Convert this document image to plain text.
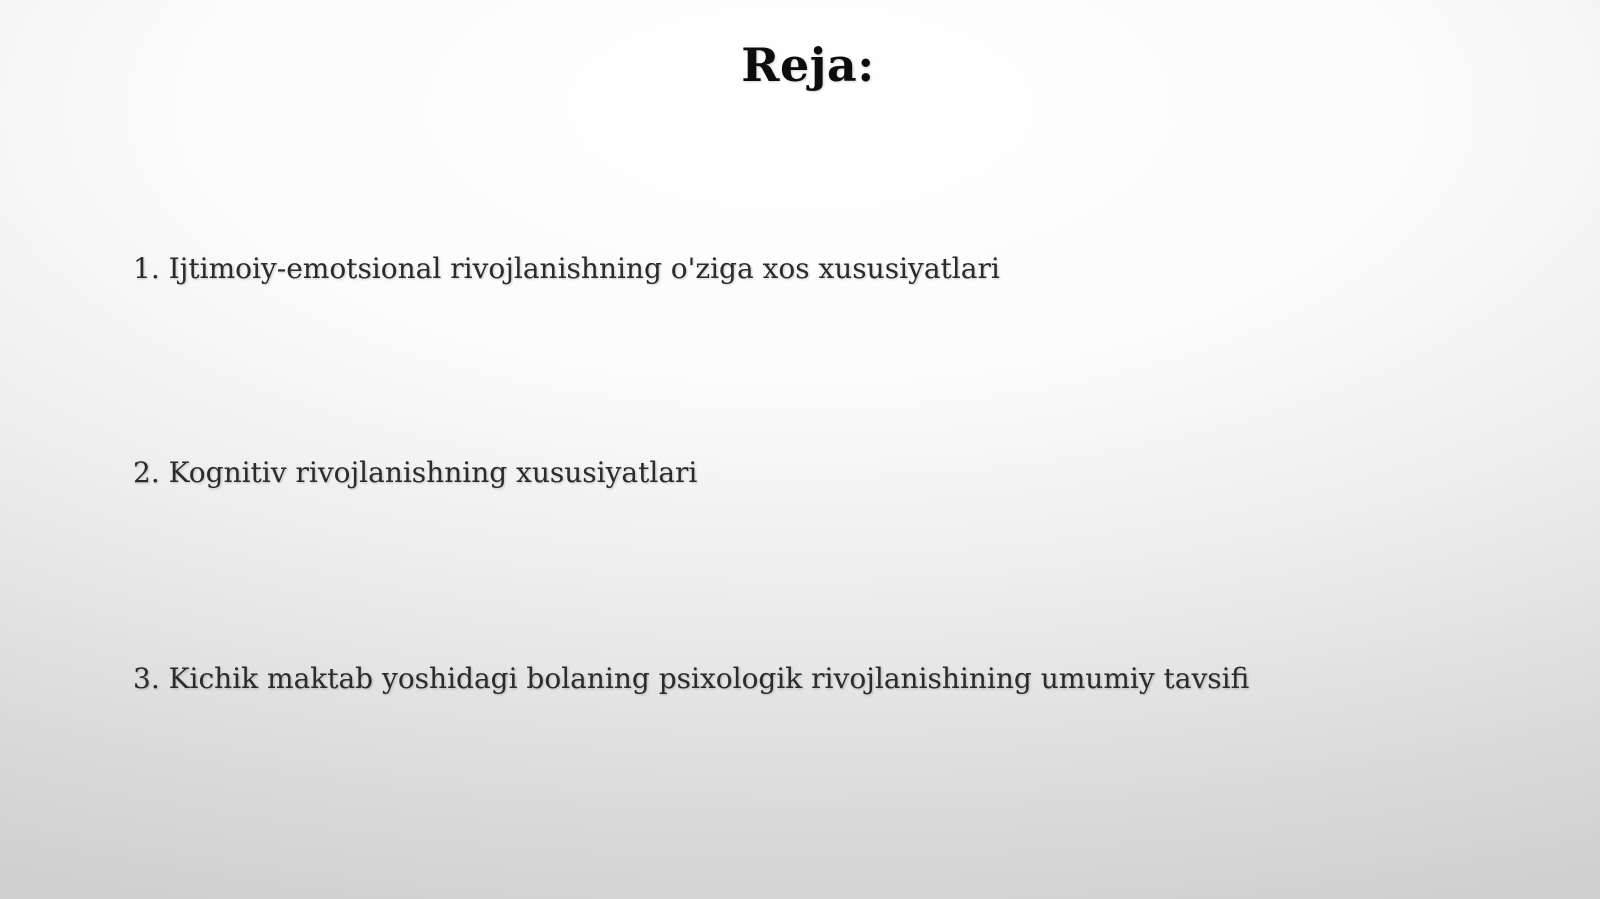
Reja:
1. Ijtimoiy-emotsional rivojlanishning o'ziga xos xususiyatlari
2. Kognitiv rivojlanishning xususiyatlari
3. Kichik maktab yoshidagi bolaning psixologik rivojlanishining umumiy tavsifi
